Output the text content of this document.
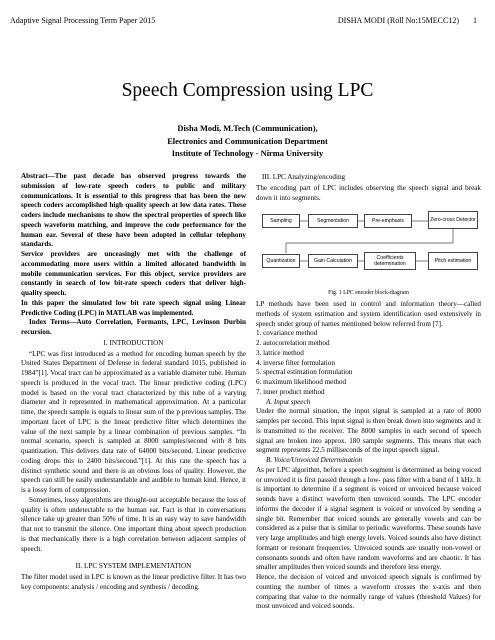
Adaptive Signal Processing Term Paper 2015	DISHA MODI (Roll No:15MECC12) 1
Speech Compression using LPC
Disha Modi, M.Tech (Communication),
Electronics and Communication Department
Institute of Technology - Nirma University

Abstract—The past decade has observed progress towards the submission of low-rate speech coders to public and military communications. It is essential to this progress that has been the new speech coders accomplished high quality speech at low data rates. These coders include mechanisms to show the spectral properties of speech like speech waveform matching, and improve the code performance for the human ear. Several of these have been adopted in cellular telephony standards.

Service providers are unceasingly met with the challenge of accommodating more users within a limited allocated bandwidth in mobile communication services. For this object, service providers are constantly in search of low bit-rate speech coders that deliver high-quality speech.

In this paper the simulated low bit rate speech signal using Linear Predictive Coding (LPC) in MATLAB was implemented.

Index Terms—Auto Correlation, Formants, LPC, Levinson Durbin recursion.

I. INTRODUCTION

“LPC was first introduced as a method for encoding human speech by the United States Department of Defense in federal standard 1015, published in 1984”[1]. Vocal tract can be approximated as a variable diameter tube. Human speech is produced in the vocal tract. The linear predictive coding (LPC) model is based on the vocal tract characterized by this tube of a varying diameter and it represented in mathematical approximation. At a particular time, the speech sample is equals to linear sum of the p previous samples. The important facet of LPC is the linear predictive filter which determines the value of the next sample by a linear combination of previous samples. “In normal scenario, speech is sampled at 8000 samples/second with 8 bits quantization. This delivers data rate of 64000 bits/second. Linear predictive coding drops this to 2400 bits/second.”[1]. At this rate the speech has a distinct synthetic sound and there is an obvious loss of quality. However, the speech can still be easily understandable and audible to human kind. Hence, it is a lossy form of compression.

Sometimes, lossy algorithms are thought-out acceptable because the loss of quality is often undetectable to the human ear. Fact is that in conversations silence take up greater than 50% of time. It is an easy way to save bandwidth that not to transmit the silence. One important thing about speech production is that mechanically there is a high correlation between adjacent samples of speech.

II. LPC SYSTEM IMPLEMENTATION

The filter model used in LPC is known as the linear predictive filter. It has two key components: analysis / encoding and synthesis / decoding.

III. LPC Analyzing/encoding

The encoding part of LPC includes observing the speech signal and break down it into segments.

Sampling	Segmentation	Pre-emphasis	Zero-cross Detector
Quantization	Gain Calculation	Coefficients determination	Pitch estimation
Fig. 1 LPC encoder block-diagram

LP methods have been used in control and information theory—called methods of system estimation and system identification used extensively in speech under group of names mentioned below referred from [7].

1. covariance method
2. autocorrelation method
3. lattice method
4. inverse filter formulation
5. spectral estimation formulation
6. maximum likelihood method
7. inner product method
A. Input speech

Under the normal situation, the input signal is sampled at a rate of 8000 samples per second. This input signal is then break down into segments and it is transmitted to the receiver. The 8000 samples in each second of speech signal are broken into approx. 180 sample segments. This means that each segment represents 22.5 milliseconds of the input speech signal.

B. Voice/Unvoiced Determination

As per LPC algorithm, before a speech segment is determined as being voiced or unvoiced it is first passed through a low- pass filter with a band of 1 kHz. It is important to determine if a segment is voiced or unvoiced because voiced sounds have a distinct waveform then unvoiced sounds. The LPC encoder informs the decoder if a signal segment is voiced or unvoiced by sending a single bit. Remember that voiced sounds are generally vowels and can be considered as a pulse that is similar to periodic waveforms. These sounds have very large amplitudes and high energy levels. Voiced sounds also have distinct formant or resonant frequencies. Unvoiced sounds are usually non-vowel or consonants sounds and often have random waveforms and are chaotic. It has smaller amplitudes then voiced sounds and therefore less energy.

Hence, the decision of voiced and unvoiced speech signals is confirmed by counting the number of times a waveform crosses the x-axis and then comparing that value to the normally range of values (threshold Values) for most unvoiced and voiced sounds.
